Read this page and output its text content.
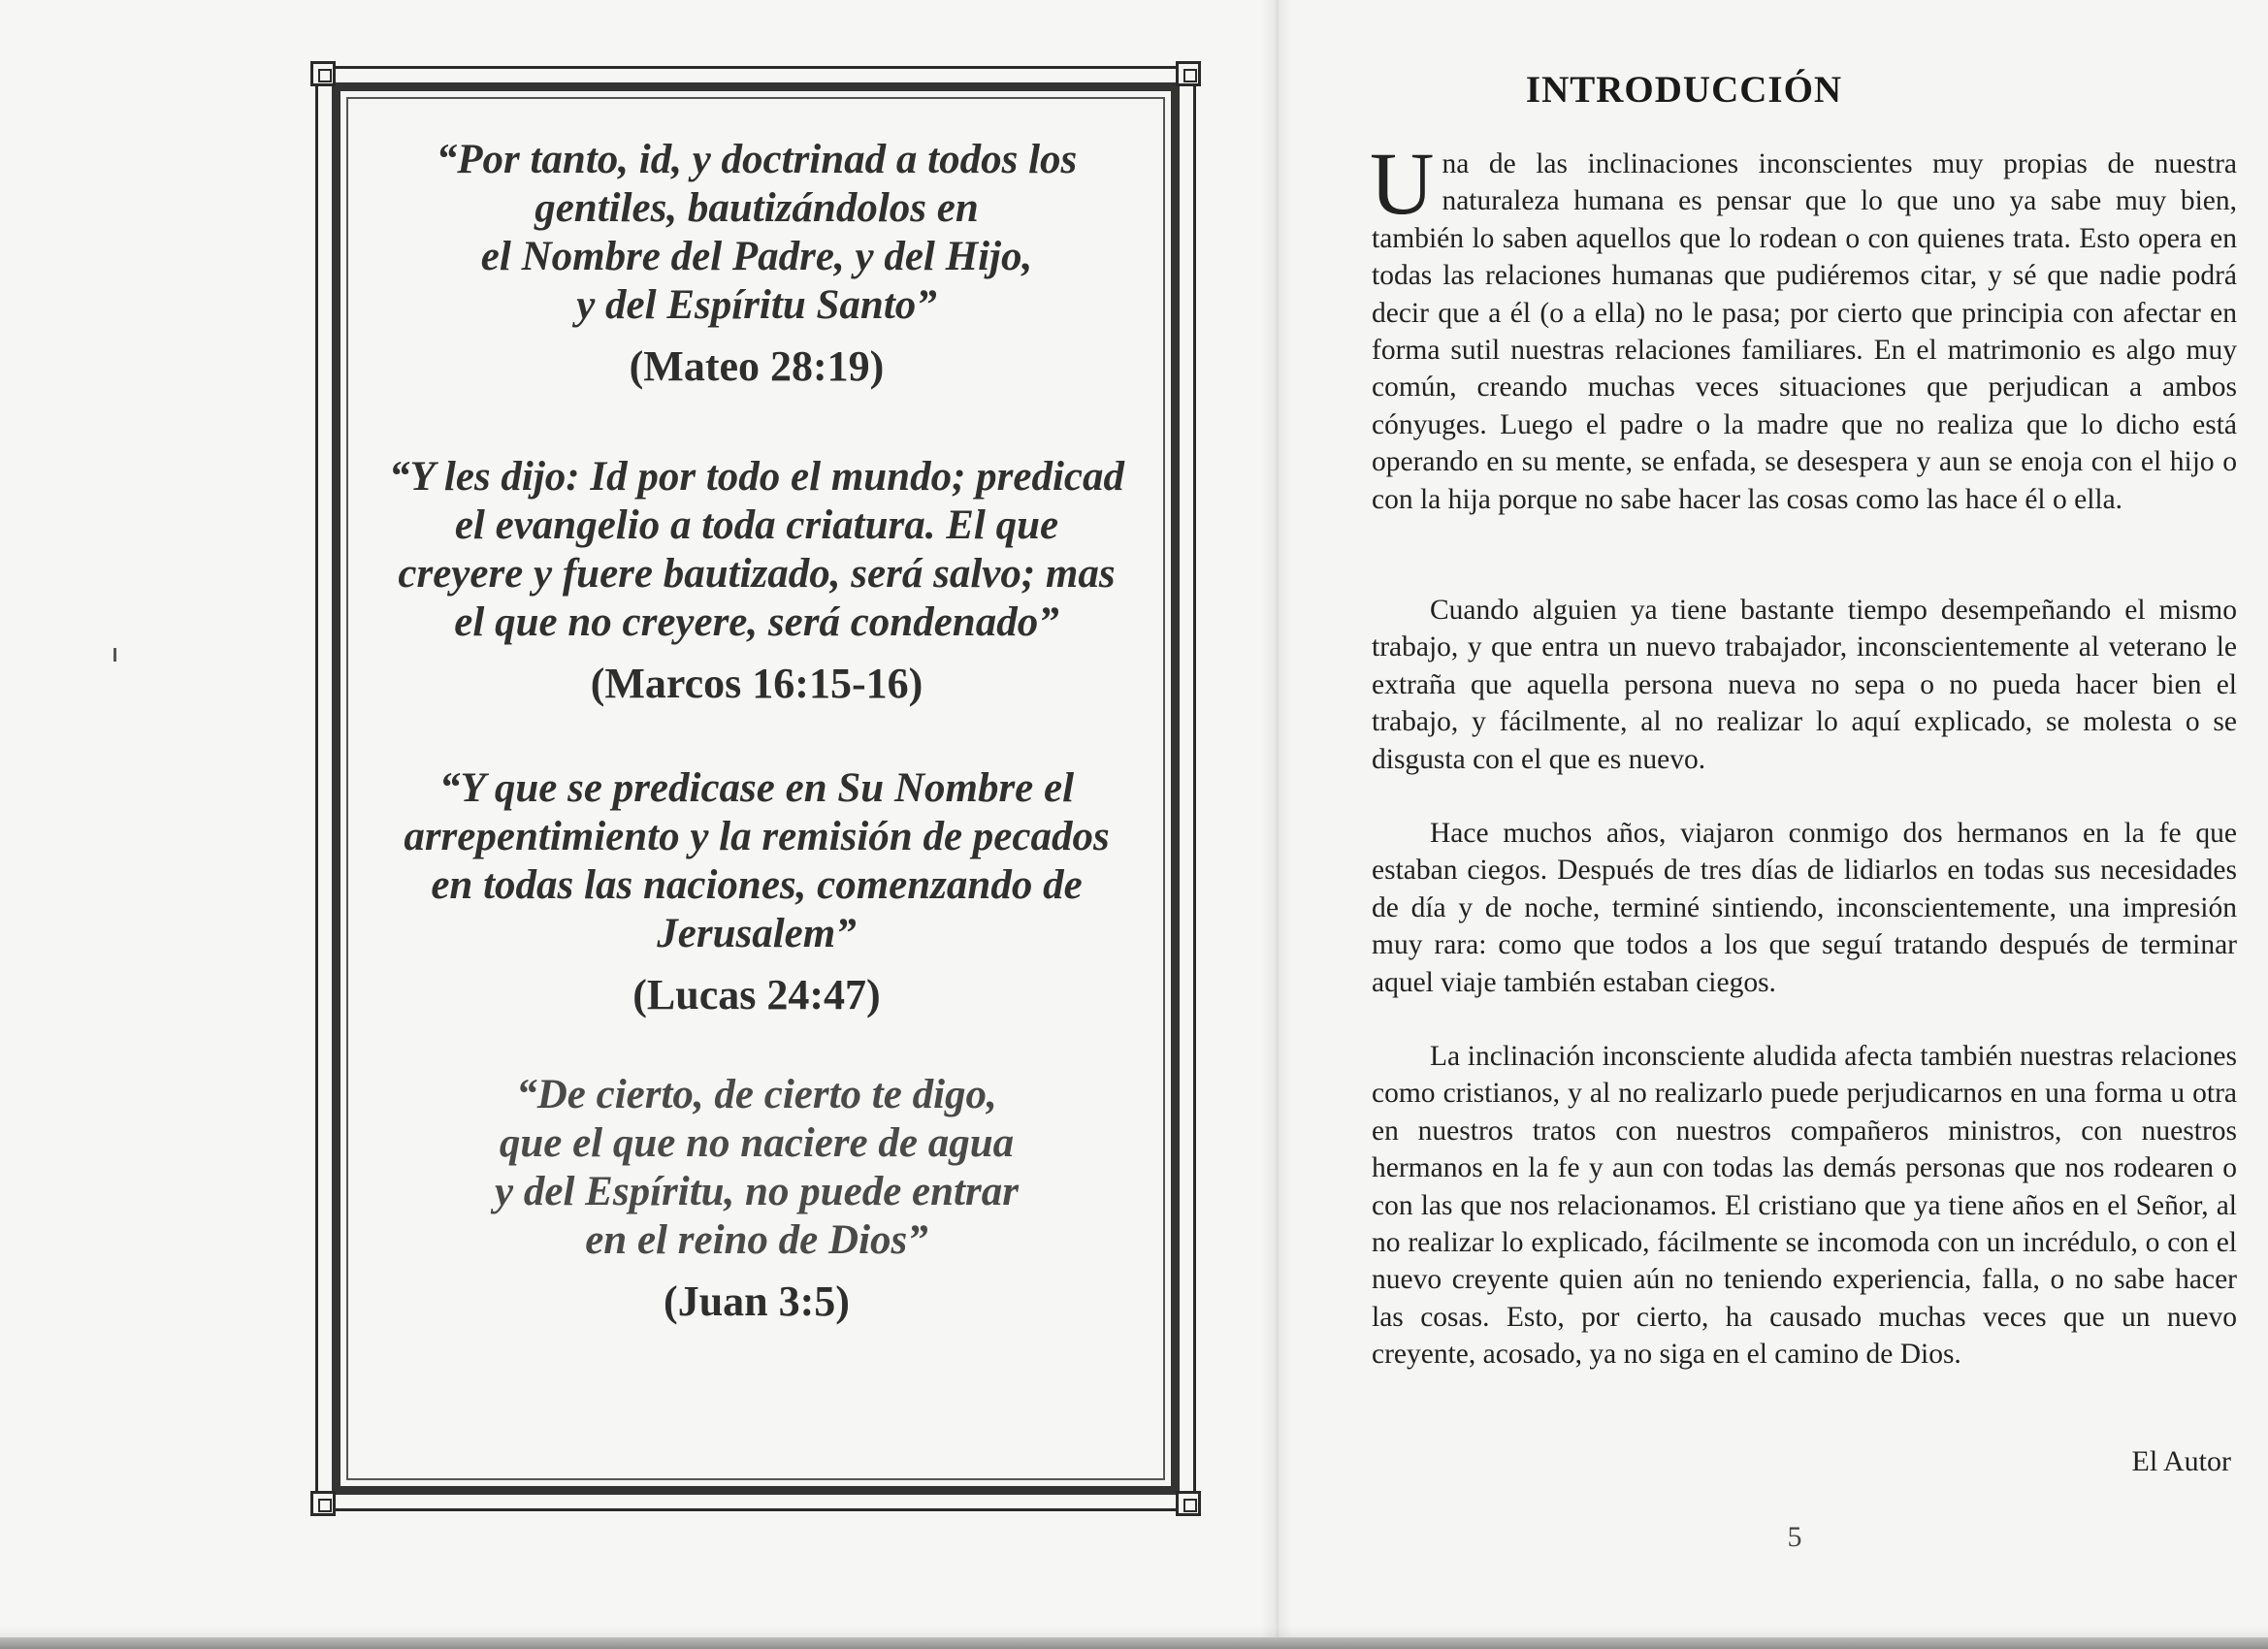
“Por tanto, id, y doctrinad a todos los
gentiles, bautizándolos en
el Nombre del Padre, y del Hijo,
y del Espíritu Santo”
(Mateo 28:19)
“Y les dijo: Id por todo el mundo; predicad
el evangelio a toda criatura. El que
creyere y fuere bautizado, será salvo; mas
el que no creyere, será condenado”
(Marcos 16:15-16)
“Y que se predicase en Su Nombre el
arrepentimiento y la remisión de pecados
en todas las naciones, comenzando de
Jerusalem”
(Lucas 24:47)
“De cierto, de cierto te digo,
que el que no naciere de agua
y del Espíritu, no puede entrar
en el reino de Dios”
(Juan 3:5)
INTRODUCCIÓN

Una de las inclinaciones inconscientes muy propias de nuestra naturaleza humana es pensar que lo que uno ya sabe muy bien, también lo saben aquellos que lo rodean o con quienes trata. Esto opera en todas las relaciones humanas que pudiéremos citar, y sé que nadie podrá decir que a él (o a ella) no le pasa; por cierto que principia con afectar en forma sutil nuestras relaciones familiares. En el matrimonio es algo muy común, creando muchas veces situaciones que perjudican a ambos cónyuges. Luego el padre o la madre que no realiza que lo dicho está operando en su mente, se enfada, se desespera y aun se enoja con el hijo o con la hija porque no sabe hacer las cosas como las hace él o ella.

Cuando alguien ya tiene bastante tiempo desempeñando el mismo trabajo, y que entra un nuevo trabajador, inconscientemente al veterano le extraña que aquella persona nueva no sepa o no pueda hacer bien el trabajo, y fácilmente, al no realizar lo aquí explicado, se molesta o se disgusta con el que es nuevo.

Hace muchos años, viajaron conmigo dos hermanos en la fe que estaban ciegos. Después de tres días de lidiarlos en todas sus necesidades de día y de noche, terminé sintiendo, inconscientemente, una impresión muy rara: como que todos a los que seguí tratando después de terminar aquel viaje también estaban ciegos.

La inclinación inconsciente aludida afecta también nuestras relaciones como cristianos, y al no realizarlo puede perjudicarnos en una forma u otra en nuestros tratos con nuestros compañeros ministros, con nuestros hermanos en la fe y aun con todas las demás personas que nos rodearen o con las que nos relacionamos. El cristiano que ya tiene años en el Señor, al no realizar lo explicado, fácilmente se incomoda con un incrédulo, o con el nuevo creyente quien aún no teniendo experiencia, falla, o no sabe hacer las cosas. Esto, por cierto, ha causado muchas veces que un nuevo creyente, acosado, ya no siga en el camino de Dios.

El Autor
5
